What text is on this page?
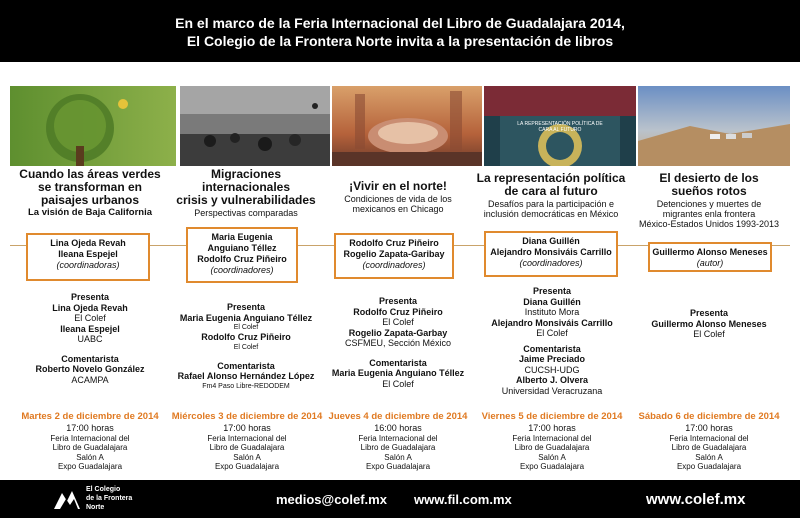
En el marco de la Feria Internacional del Libro de Guadalajara 2014,
El Colegio de la Frontera Norte invita a la presentación de libros
LA REPRESENTACIÓN POLÍTICA DE CARA AL FUTURO
Cuando las áreas verdes
se transforman en
paisajes urbanos
La visión de Baja California
Migraciones
internacionales
crisis y vulnerabilidades
Perspectivas comparadas
¡Vivir en el norte!
Condiciones de vida de los
mexicanos en Chicago
La representación política
de cara al futuro
Desafíos para la participación e
inclusión democráticas en México
El desierto de los
sueños rotos
Detenciones y muertes de
migrantes enla frontera
México-Estados Unidos 1993-2013
Lina Ojeda Revah
Ileana Espejel
(coordinadoras)
Maria Eugenia
Anguiano Téllez
Rodolfo Cruz Piñeiro
(coordinadores)
Rodolfo Cruz Piñeiro
Rogelio Zapata-Garibay
(coordinadores)
Diana Guillén
Alejandro Monsiváis Carrillo
(coordinadores)
Guillermo Alonso Meneses
(autor)
Presenta
Lina Ojeda Revah
El Colef
Ileana Espejel
UABC
Comentarista
Roberto Novelo González
ACAMPA
Presenta
Maria Eugenia Anguiano Téllez
El Colef
Rodolfo Cruz Piñeiro
El Colef
Comentarista
Rafael Alonso Hernández López
Fm4 Paso Libre-REDODEM
Presenta
Rodolfo Cruz Piñeiro
El Colef
Rogelio Zapata-Garbay
CSFMEU, Sección México
Comentarista
Maria Eugenia Anguiano Téllez
El Colef
Presenta
Diana Guillén
Instituto Mora
Alejandro Monsiváis Carrillo
El Colef
Comentarista
Jaime Preciado
CUCSH-UDG
Alberto J. Olvera
Universidad Veracruzana
Presenta
Guillermo Alonso Meneses
El Colef
Martes 2 de diciembre de 2014	Miércoles 3 de diciembre de 2014 Jueves 4 de diciembre de 2014	Viernes 5 de diciembre de 2014	Sábado 6 de diciembre de 2014
17:00 horas
Feria Internacional del
Libro de Guadalajara
Salón A
Expo Guadalajara
17:00 horas
Feria Internacional del
Libro de Guadalajara
Salón A
Expo Guadalajara
16:00 horas
Feria Internacional del
Libro de Guadalajara
Salón A
Expo Guadalajara
17:00 horas
Feria Internacional del
Libro de Guadalajara
Salón A
Expo Guadalajara
17:00 horas
Feria Internacional del
Libro de Guadalajara
Salón A
Expo Guadalajara
El Colegio
de la Frontera
Norte
medios@colef.mx www.fil.com.mx	www.colef.mx
